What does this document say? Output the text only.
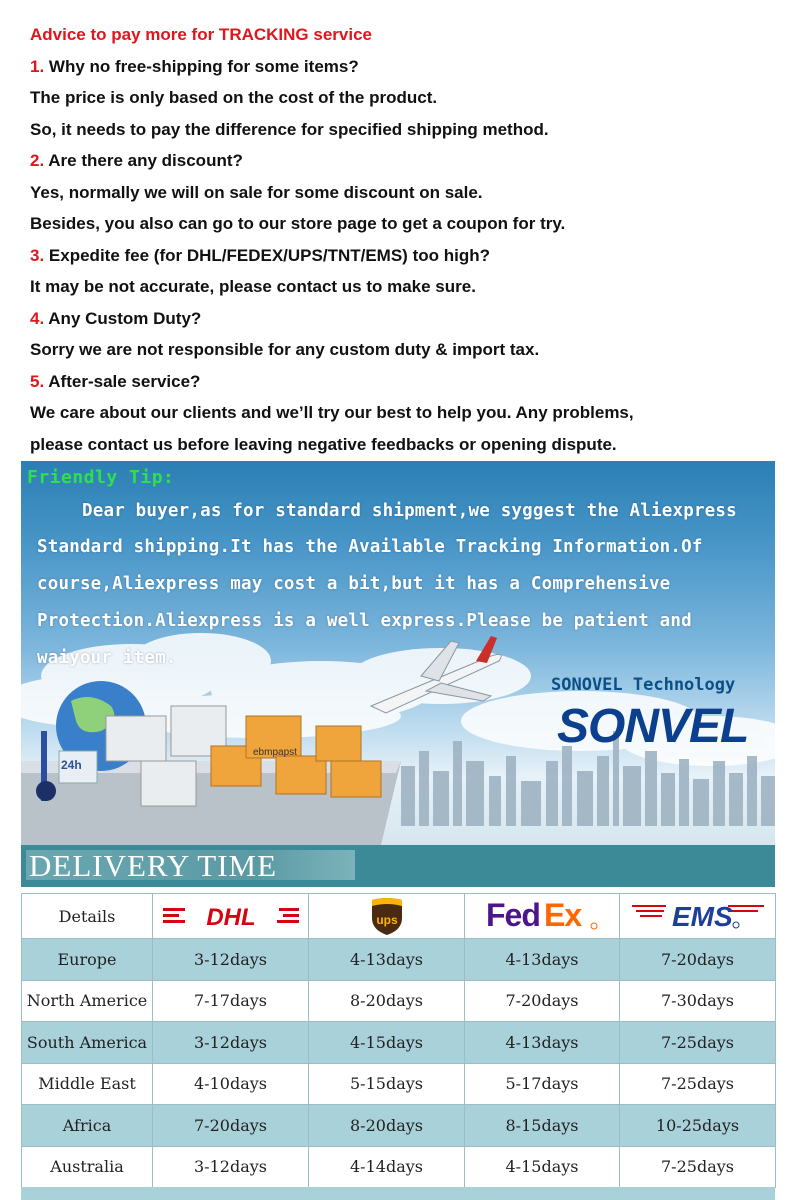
Advice to pay more for TRACKING service
1. Why no free-shipping for some items?
The price is only based on the cost of the product.
So, it needs to pay the difference for specified shipping method.
2. Are there any discount?
Yes, normally we will on sale for some discount on sale.
Besides, you also can go to our store page to get a coupon for try.
3. Expedite fee (for DHL/FEDEX/UPS/TNT/EMS) too high?
It may be not accurate, please contact us to make sure.
4. Any Custom Duty?
Sorry we are not responsible for any custom duty & import tax.
5. After-sale service?
We care about our clients and we’ll try our best to help you. Any problems,
please contact us before leaving negative feedbacks or opening dispute.
Friendly Tip:
Dear buyer,as for standard shipment,we syggest the Aliexpress
Standard shipping.It has the Available Tracking Information.Of
course,Aliexpress may cost a bit,but it has a Comprehensive
Protection.Aliexpress is a well express.Please be patient and
waiyour item.
SONOVEL Technology
SONVEL
24h
ebmpapst
DELIVERY TIME
Details	DHL	ups	Fed Ex	EMS

Europe	3-12days	4-13days	4-13days	7-20days
North Americe	7-17days	8-20days	7-20days	7-30days
South America	3-12days	4-15days	4-13days	7-25days
Middle East	4-10days	5-15days	5-17days	7-25days
Africa	7-20days	8-20days	8-15days	10-25days
Australia	3-12days	4-14days	4-15days	7-25days
